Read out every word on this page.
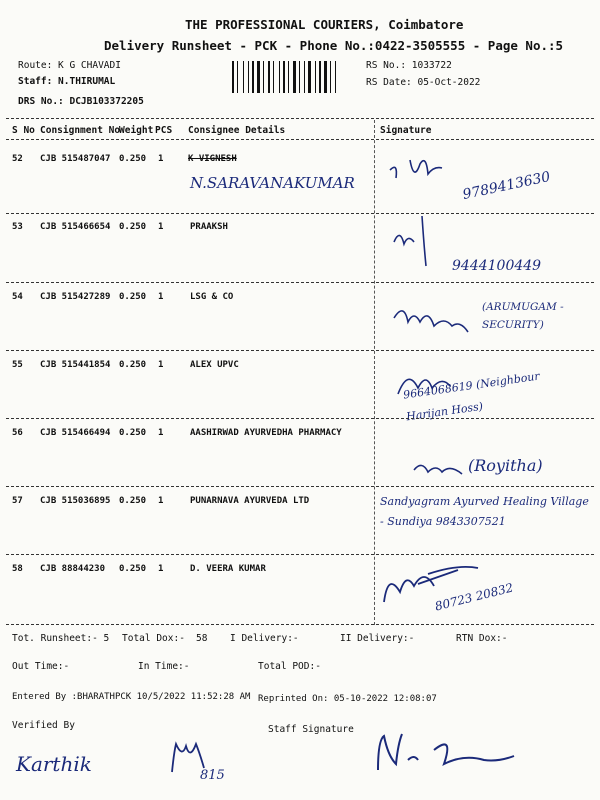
THE PROFESSIONAL COURIERS, Coimbatore
Delivery Runsheet - PCK - Phone No.:0422-3505555 - Page No.:5
Route: K G CHAVADI
Staff: N.THIRUMAL
DRS No.: DCJB103372205
RS No.: 1033722
RS Date: 05-Oct-2022
S No Consignment No
Weight PCS Consignee Details	Signature
52 CJB 515487047 0.250 1	K VIGNESH
N.SARAVANAKUMAR	9789413630
53 CJB 515466654 0.250 1	PRAAKSH
9444100449
54 CJB 515427289 0.250 1	LSG & CO
(ARUMUGAM -SECURITY)
55 CJB 515441854 0.250 1	ALEX UPVC
9664068619 (Neighbour Harijan Hoss)
56 CJB 515466494 0.250 1	AASHIRWAD AYURVEDHA PHARMACY
(Royitha)
57 CJB 515036895 0.250 1	PUNARNAVA AYURVEDA LTD	Sandyagram Ayurved Healing Village - Sundiya 9843307521
58 CJB 88844230 0.250 1	D. VEERA KUMAR
80723 20832
Tot. Runsheet:- 5 Total Dox:- 58 I Delivery:-	II Delivery:-	RTN Dox:-
Out Time:-	In Time:-	Total POD:-
Entered By :BHARATHPCK 10/5/2022 11:52:28 AM Reprinted On: 05-10-2022 12:08:07
Verified By	Staff Signature
Karthik	815
